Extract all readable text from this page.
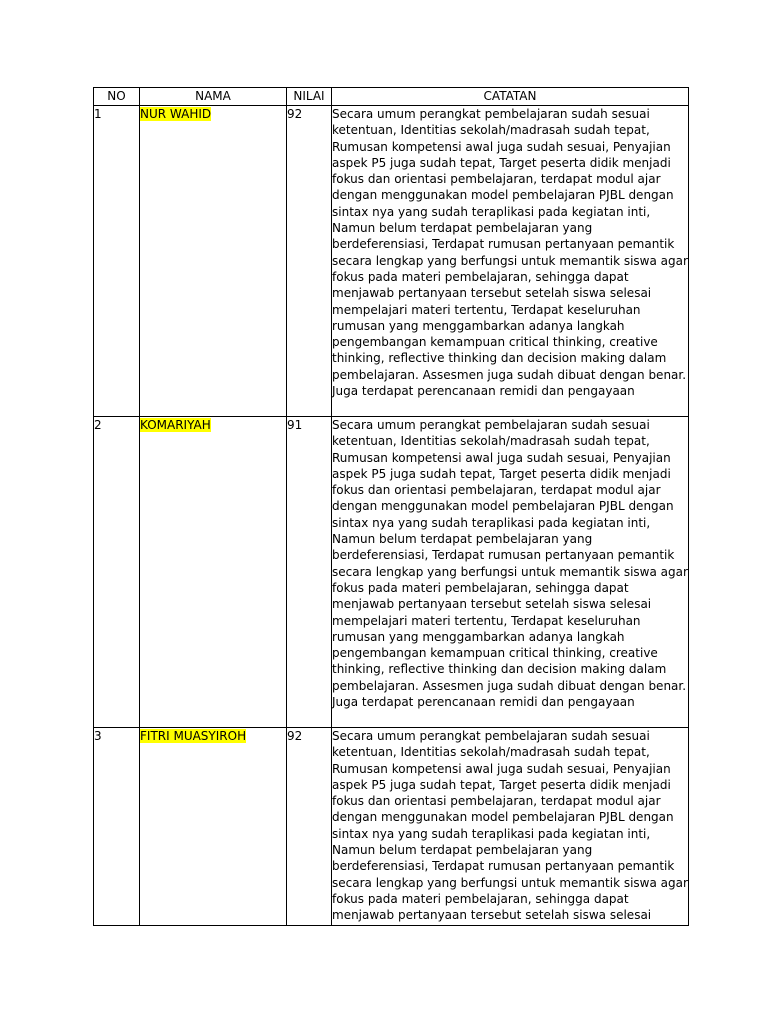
NO	NAMA	NILAI	CATATAN
1	NUR WAHID	92	Secara umum perangkat pembelajaran sudah sesuai ketentuan, Identitias sekolah/madrasah sudah tepat, Rumusan kompetensi awal juga sudah sesuai, Penyajian aspek P5 juga sudah tepat, Target peserta didik menjadi fokus dan orientasi pembelajaran, terdapat modul ajar dengan menggunakan model pembelajaran PJBL dengan sintax nya yang sudah teraplikasi pada kegiatan inti, Namun belum terdapat pembelajaran yang berdeferensiasi, Terdapat rumusan pertanyaan pemantik secara lengkap yang berfungsi untuk memantik siswa agar fokus pada materi pembelajaran, sehingga dapat menjawab pertanyaan tersebut setelah siswa selesai mempelajari materi tertentu, Terdapat keseluruhan rumusan yang menggambarkan adanya langkah pengembangan kemampuan critical thinking, creative thinking, reflective thinking dan decision making dalam pembelajaran. Assesmen juga sudah dibuat dengan benar. Juga terdapat perencanaan remidi dan pengayaan

2	KOMARIYAH	91	Secara umum perangkat pembelajaran sudah sesuai ketentuan, Identitias sekolah/madrasah sudah tepat, Rumusan kompetensi awal juga sudah sesuai, Penyajian aspek P5 juga sudah tepat, Target peserta didik menjadi fokus dan orientasi pembelajaran, terdapat modul ajar dengan menggunakan model pembelajaran PJBL dengan sintax nya yang sudah teraplikasi pada kegiatan inti, Namun belum terdapat pembelajaran yang berdeferensiasi, Terdapat rumusan pertanyaan pemantik secara lengkap yang berfungsi untuk memantik siswa agar fokus pada materi pembelajaran, sehingga dapat menjawab pertanyaan tersebut setelah siswa selesai mempelajari materi tertentu, Terdapat keseluruhan rumusan yang menggambarkan adanya langkah pengembangan kemampuan critical thinking, creative thinking, reflective thinking dan decision making dalam pembelajaran. Assesmen juga sudah dibuat dengan benar. Juga terdapat perencanaan remidi dan pengayaan

3	FITRI MUASYIROH	92	Secara umum perangkat pembelajaran sudah sesuai ketentuan, Identitias sekolah/madrasah sudah tepat, Rumusan kompetensi awal juga sudah sesuai, Penyajian aspek P5 juga sudah tepat, Target peserta didik menjadi fokus dan orientasi pembelajaran, terdapat modul ajar dengan menggunakan model pembelajaran PJBL dengan sintax nya yang sudah teraplikasi pada kegiatan inti, Namun belum terdapat pembelajaran yang berdeferensiasi, Terdapat rumusan pertanyaan pemantik secara lengkap yang berfungsi untuk memantik siswa agar fokus pada materi pembelajaran, sehingga dapat menjawab pertanyaan tersebut setelah siswa selesai
